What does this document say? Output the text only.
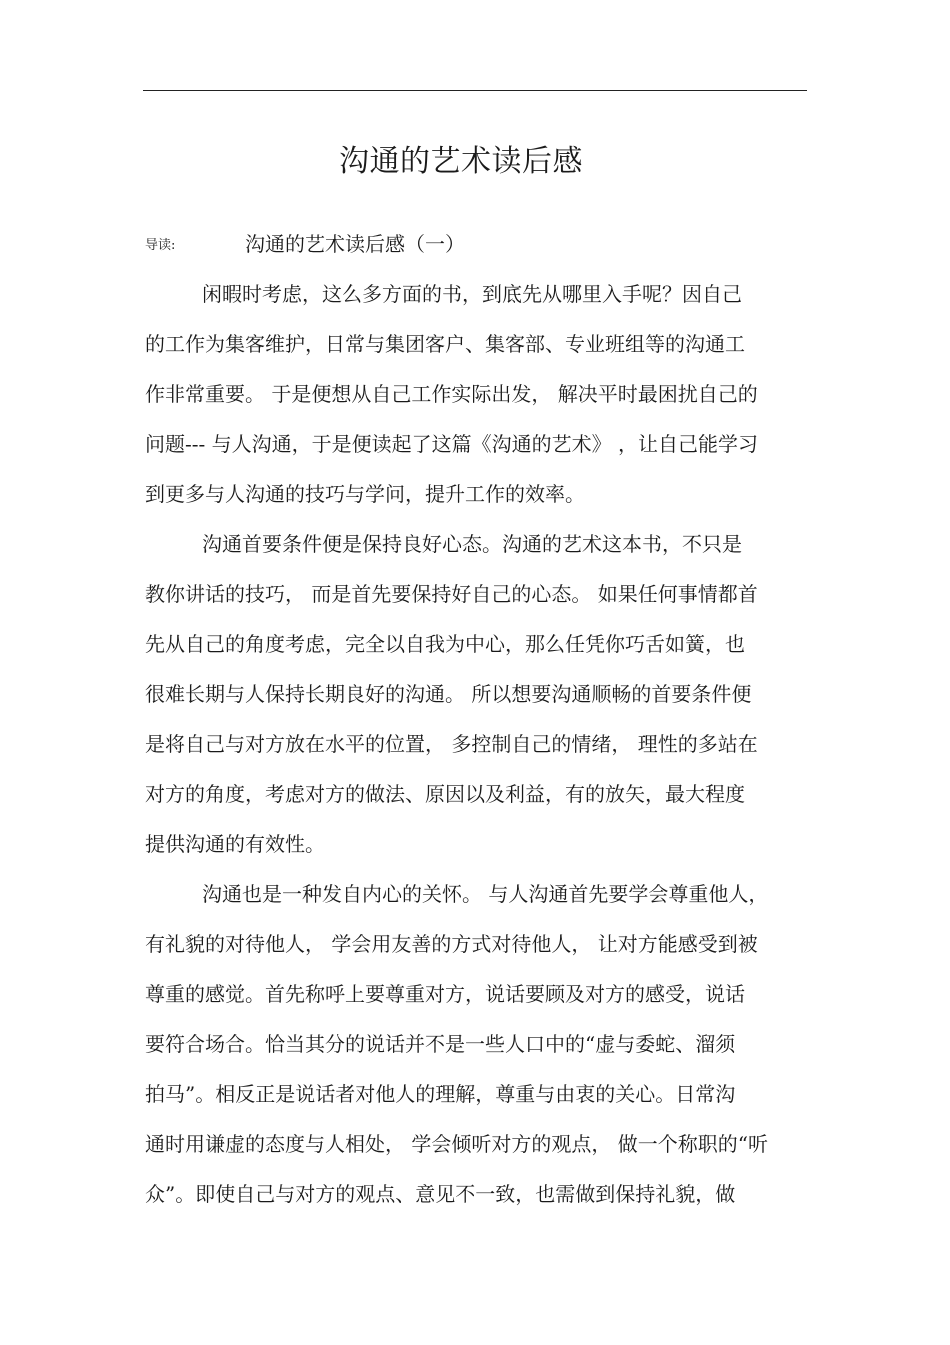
沟通的艺术读后感
导读:	沟通的艺术读后感（一）
闲暇时考虑，这么多方面的书，到底先从哪里入手呢？因自己
的工作为集客维护，日常与集团客户、集客部、专业班组等的沟通工
作非常重要。 于是便想从自己工作实际出发， 解决平时最困扰自己的
问题--- 与人沟通，于是便读起了这篇《沟通的艺术》 ，让自己能学习
到更多与人沟通的技巧与学问，提升工作的效率。
沟通首要条件便是保持良好心态。沟通的艺术这本书，不只是
教你讲话的技巧， 而是首先要保持好自己的心态。 如果任何事情都首
先从自己的角度考虑，完全以自我为中心，那么任凭你巧舌如簧，也
很难长期与人保持长期良好的沟通。 所以想要沟通顺畅的首要条件便
是将自己与对方放在水平的位置， 多控制自己的情绪， 理性的多站在
对方的角度，考虑对方的做法、原因以及利益，有的放矢，最大程度
提供沟通的有效性。
沟通也是一种发自内心的关怀。 与人沟通首先要学会尊重他人，
有礼貌的对待他人， 学会用友善的方式对待他人， 让对方能感受到被
尊重的感觉。首先称呼上要尊重对方，说话要顾及对方的感受，说话
要符合场合。恰当其分的说话并不是一些人口中的“虚与委蛇、溜须
拍马”。相反正是说话者对他人的理解，尊重与由衷的关心。日常沟
通时用谦虚的态度与人相处， 学会倾听对方的观点， 做一个称职的“听
众”。即使自己与对方的观点、意见不一致，也需做到保持礼貌，做
